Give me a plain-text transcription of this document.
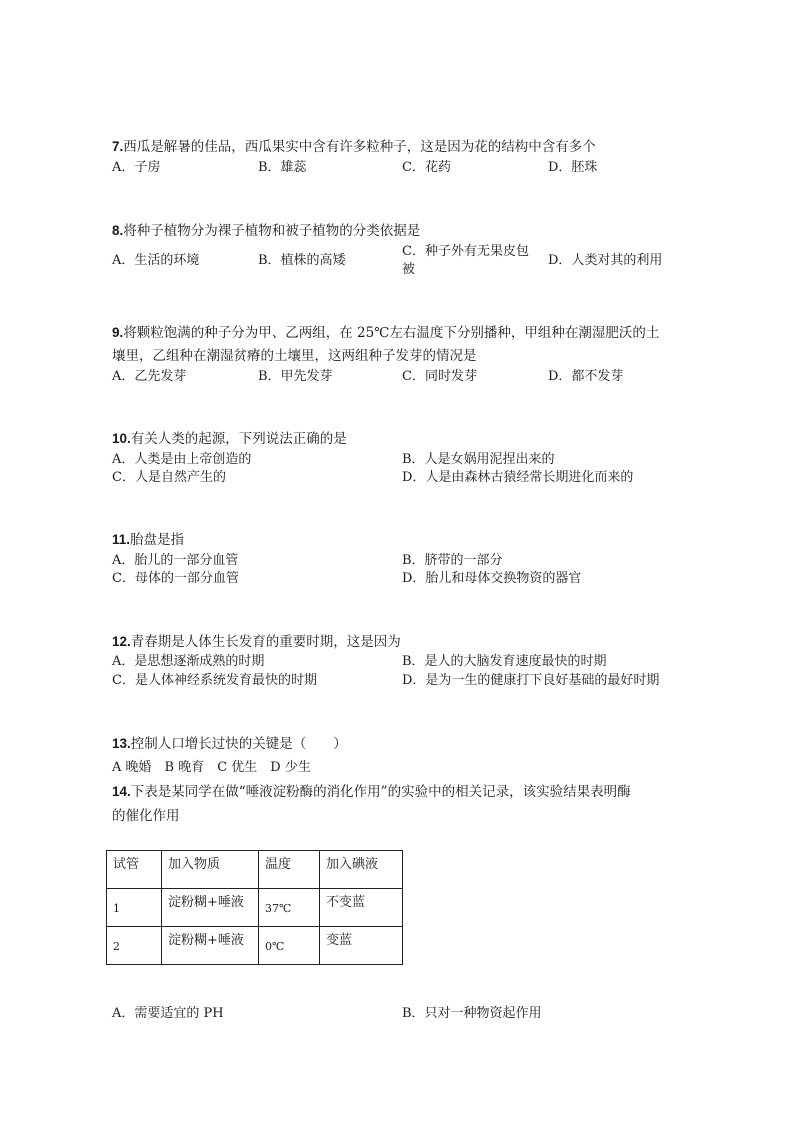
7.西瓜是解暑的佳品，西瓜果实中含有许多粒种子，这是因为花的结构中含有多个
A．子房	B．雄蕊	C．花药	D．胚珠
8.将种子植物分为裸子植物和被子植物的分类依据是
A．生活的环境	B．植株的高矮
C．种子外有无果皮包被
D．人类对其的利用
9.将颗粒饱满的种子分为甲、乙两组，在 25℃左右温度下分别播种，甲组种在潮湿肥沃的土
壤里，乙组种在潮湿贫瘠的土壤里，这两组种子发芽的情况是
A．乙先发芽	B．甲先发芽	C．同时发芽	D．都不发芽
10.有关人类的起源，下列说法正确的是
A．人类是由上帝创造的	B．人是女娲用泥捏出来的
C．人是自然产生的	D．人是由森林古猿经常长期进化而来的
11.胎盘是指
A．胎儿的一部分血管	B．脐带的一部分
C．母体的一部分血管	D．胎儿和母体交换物资的器官
12.青春期是人体生长发育的重要时期，这是因为
A．是思想逐渐成熟的时期	B．是人的大脑发育速度最快的时期
C．是人体神经系统发育最快的时期	D．是为一生的健康打下良好基础的最好时期
13.控制人口增长过快的关键是（　　）
A 晚婚　B 晚育　C 优生　D 少生
14.下表是某同学在做“唾液淀粉酶的消化作用”的实验中的相关记录，该实验结果表明酶
的催化作用
试管	加入物质	温度	加入碘液
1	淀粉糊+唾液	37℃	不变蓝
2	淀粉糊+唾液	0℃	变蓝
A．需要适宜的 PH	B．只对一种物资起作用
